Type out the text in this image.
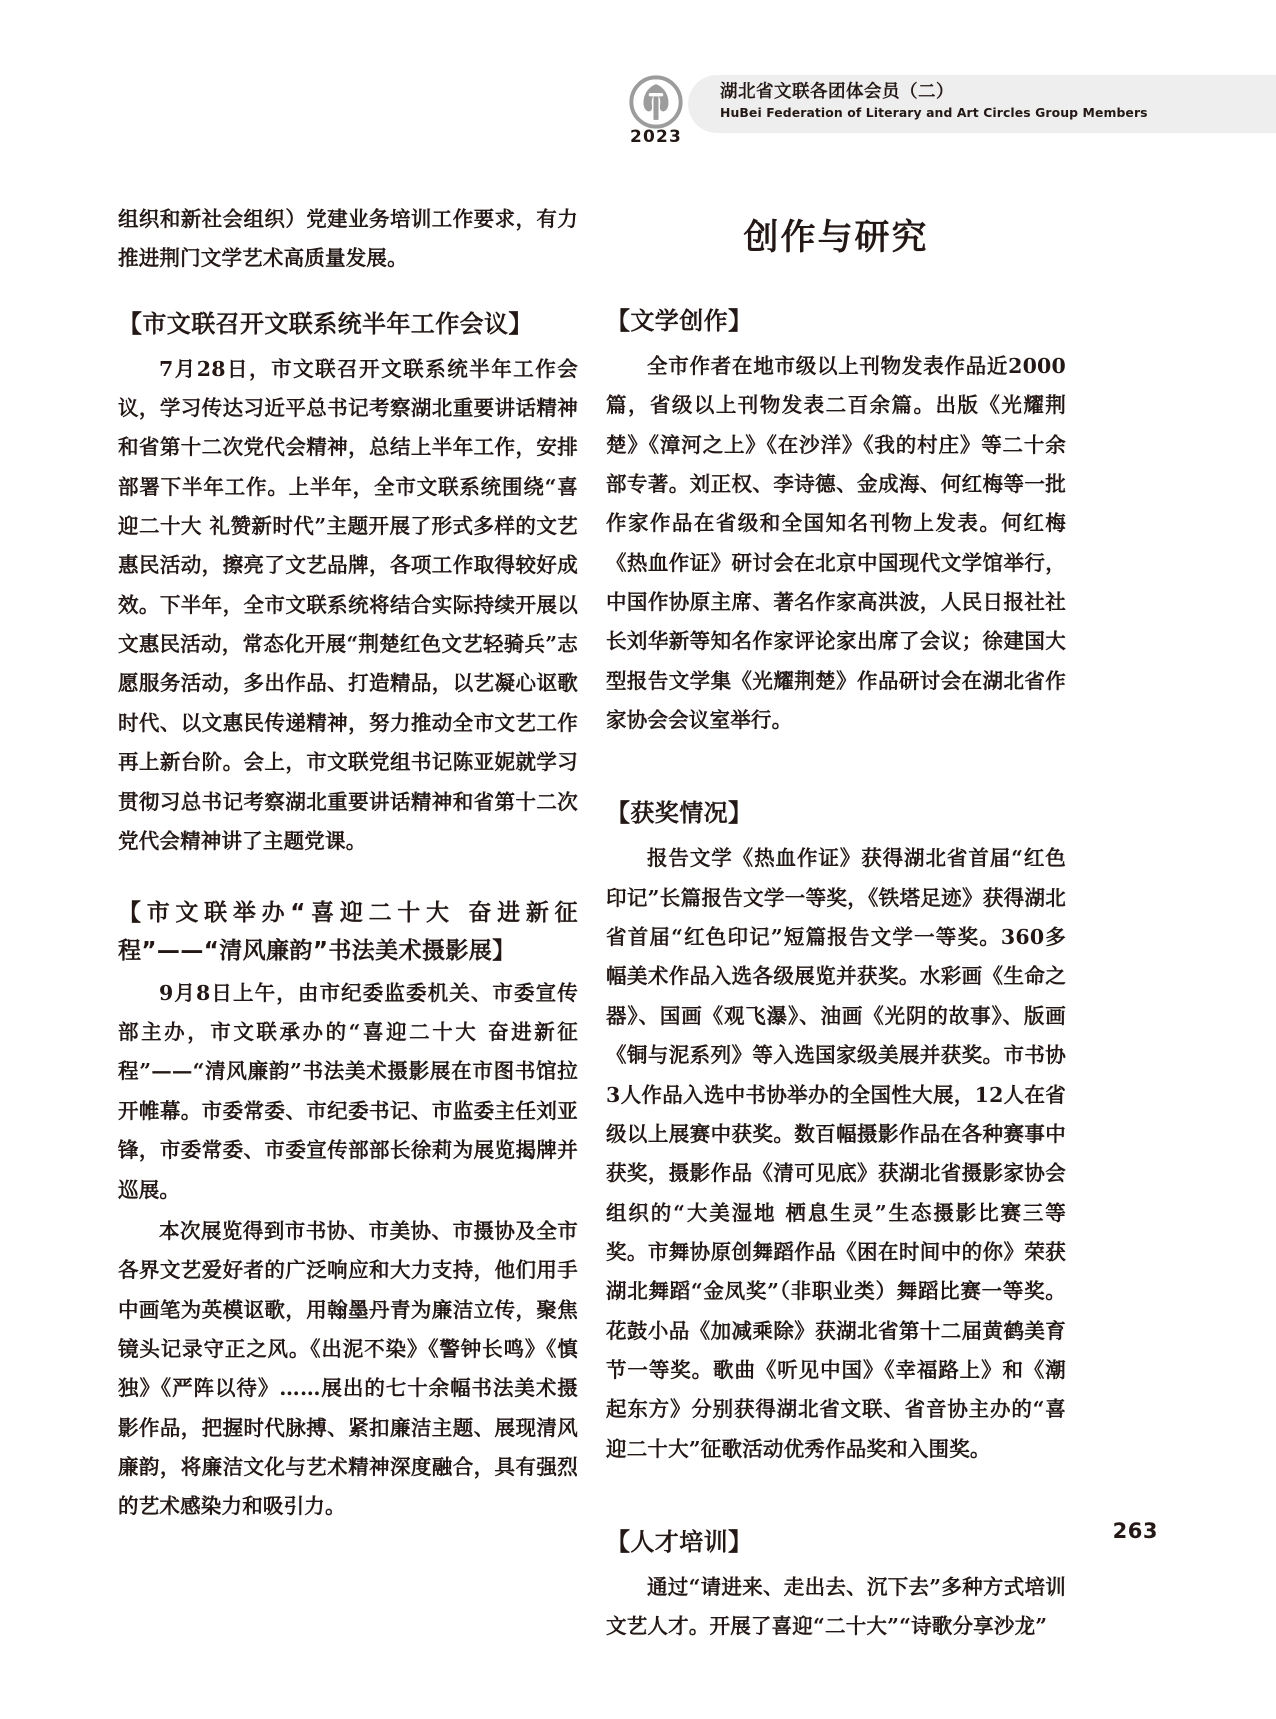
2023
湖北省文联各团体会员（二）
HuBei Federation of Literary and Art Circles Group Members

组织和新社会组织）党建业务培训工作要求，有力推进荆门文学艺术高质量发展。

【市文联召开文联系统半年工作会议】

7月28日，市文联召开文联系统半年工作会议，学习传达习近平总书记考察湖北重要讲话精神和省第十二次党代会精神，总结上半年工作，安排部署下半年工作。上半年，全市文联系统围绕“喜迎二十大 礼赞新时代”主题开展了形式多样的文艺惠民活动，擦亮了文艺品牌，各项工作取得较好成效。下半年，全市文联系统将结合实际持续开展以文惠民活动，常态化开展“荆楚红色文艺轻骑兵”志愿服务活动，多出作品、打造精品，以艺凝心讴歌时代、以文惠民传递精神，努力推动全市文艺工作再上新台阶。会上，市文联党组书记陈亚妮就学习贯彻习总书记考察湖北重要讲话精神和省第十二次党代会精神讲了主题党课。

【市文联举办“喜迎二十大 奋进新征程”——“清风廉韵”书法美术摄影展】

9月8日上午，由市纪委监委机关、市委宣传部主办，市文联承办的“喜迎二十大 奋进新征程”——“清风廉韵”书法美术摄影展在市图书馆拉开帷幕。市委常委、市纪委书记、市监委主任刘亚锋，市委常委、市委宣传部部长徐莉为展览揭牌并巡展。

本次展览得到市书协、市美协、市摄协及全市各界文艺爱好者的广泛响应和大力支持，他们用手中画笔为英模讴歌，用翰墨丹青为廉洁立传，聚焦镜头记录守正之风。《出泥不染》《警钟长鸣》《慎独》《严阵以待》……展出的七十余幅书法美术摄影作品，把握时代脉搏、紧扣廉洁主题、展现清风廉韵，将廉洁文化与艺术精神深度融合，具有强烈的艺术感染力和吸引力。

创作与研究
【文学创作】

全市作者在地市级以上刊物发表作品近2000篇，省级以上刊物发表二百余篇。出版《光耀荆楚》《漳河之上》《在沙洋》《我的村庄》等二十余部专著。刘正权、李诗德、金成海、何红梅等一批作家作品在省级和全国知名刊物上发表。何红梅《热血作证》研讨会在北京中国现代文学馆举行，中国作协原主席、著名作家高洪波，人民日报社社长刘华新等知名作家评论家出席了会议；徐建国大型报告文学集《光耀荆楚》作品研讨会在湖北省作家协会会议室举行。

【获奖情况】

报告文学《热血作证》获得湖北省首届“红色印记”长篇报告文学一等奖，《铁塔足迹》获得湖北省首届“红色印记”短篇报告文学一等奖。360多幅美术作品入选各级展览并获奖。水彩画《生命之器》、国画《观飞瀑》、油画《光阴的故事》、版画《铜与泥系列》等入选国家级美展并获奖。市书协3人作品入选中书协举办的全国性大展，12人在省级以上展赛中获奖。数百幅摄影作品在各种赛事中获奖，摄影作品《清可见底》获湖北省摄影家协会组织的“大美湿地 栖息生灵”生态摄影比赛三等奖。市舞协原创舞蹈作品《困在时间中的你》荣获湖北舞蹈“金凤奖”（非职业类）舞蹈比赛一等奖。花鼓小品《加减乘除》获湖北省第十二届黄鹤美育节一等奖。歌曲《听见中国》《幸福路上》和《潮起东方》分别获得湖北省文联、省音协主办的“喜迎二十大”征歌活动优秀作品奖和入围奖。

【人才培训】

通过“请进来、走出去、沉下去”多种方式培训文艺人才。开展了喜迎“二十大”“诗歌分享沙龙”

263
